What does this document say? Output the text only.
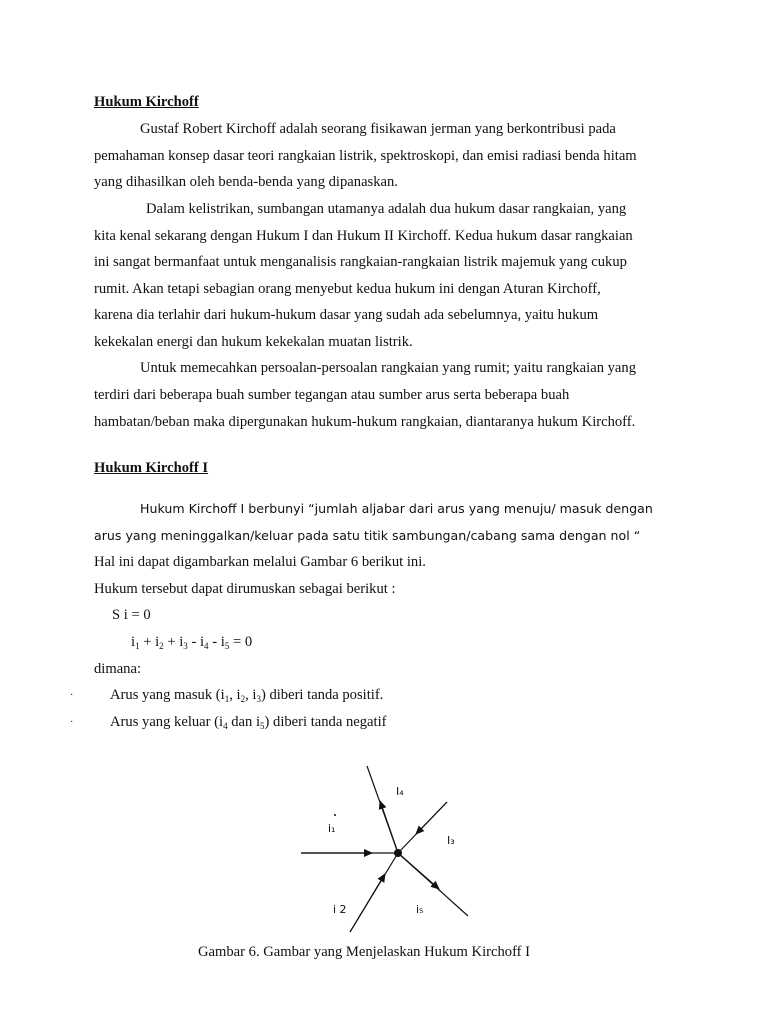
Hukum Kirchoff
Gustaf Robert Kirchoff adalah seorang fisikawan jerman yang berkontribusi pada
pemahaman konsep dasar teori rangkaian listrik, spektroskopi, dan emisi radiasi benda hitam
yang dihasilkan oleh benda-benda yang dipanaskan.
Dalam kelistrikan, sumbangan utamanya adalah dua hukum dasar rangkaian, yang
kita kenal sekarang dengan Hukum I dan Hukum II Kirchoff. Kedua hukum dasar rangkaian
ini sangat bermanfaat untuk menganalisis rangkaian-rangkaian listrik majemuk yang cukup
rumit. Akan tetapi sebagian orang menyebut kedua hukum ini dengan Aturan Kirchoff,
karena dia terlahir dari hukum-hukum dasar yang sudah ada sebelumnya, yaitu hukum
kekekalan energi dan hukum kekekalan muatan listrik.
Untuk memecahkan persoalan-persoalan rangkaian yang rumit; yaitu rangkaian yang
terdiri dari beberapa buah sumber tegangan atau sumber arus serta beberapa buah
hambatan/beban maka dipergunakan hukum-hukum rangkaian, diantaranya hukum Kirchoff.
Hukum Kirchoff I
Hukum Kirchoff I berbunyi “jumlah aljabar dari arus yang menuju/ masuk dengan
arus yang meninggalkan/keluar pada satu titik sambungan/cabang sama dengan nol “
Hal ini dapat digambarkan melalui Gambar 6 berikut ini.
Hukum tersebut dapat dirumuskan sebagai berikut :
S i = 0
$i_1 + i_2 + i_3 - i_4 - i_5 = 0$
dimana:
·	Arus yang masuk ($i_1$, $i_2$, $i_3$) diberi tanda positif.
·	Arus yang keluar ($i_4$ dan $i_5$) diberi tanda negatif
i₁
i 2
I₃
I₄
i₅
Gambar 6. Gambar yang Menjelaskan Hukum Kirchoff I
